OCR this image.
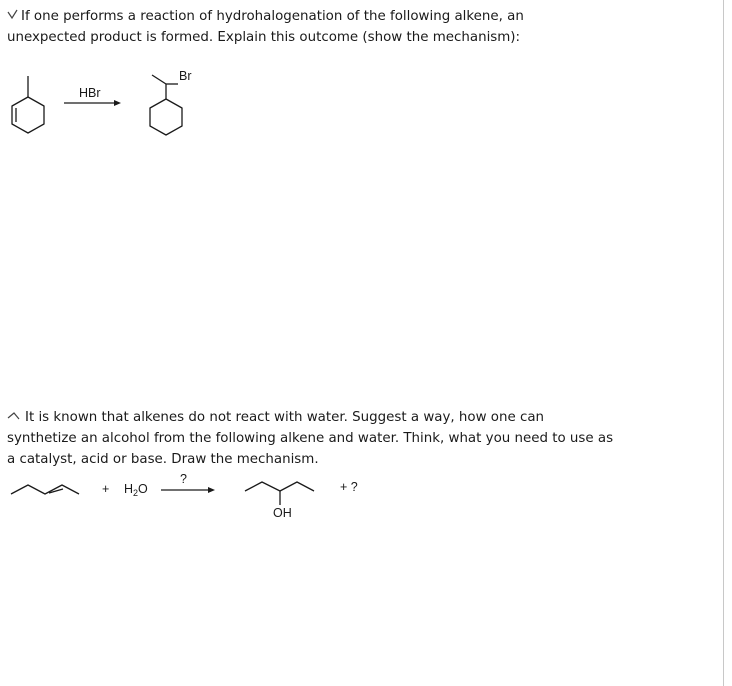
If one performs a reaction of hydrohalogenation of the following alkene, an unexpected product is formed. Explain this outcome (show the mechanism):

It is known that alkenes do not react with water. Suggest a way, how one can synthetize an alcohol from the following alkene and water. Think, what you need to use as a catalyst, acid or base. Draw the mechanism.

HBr
Br
+ $H_2O$
?
OH
+ ?
